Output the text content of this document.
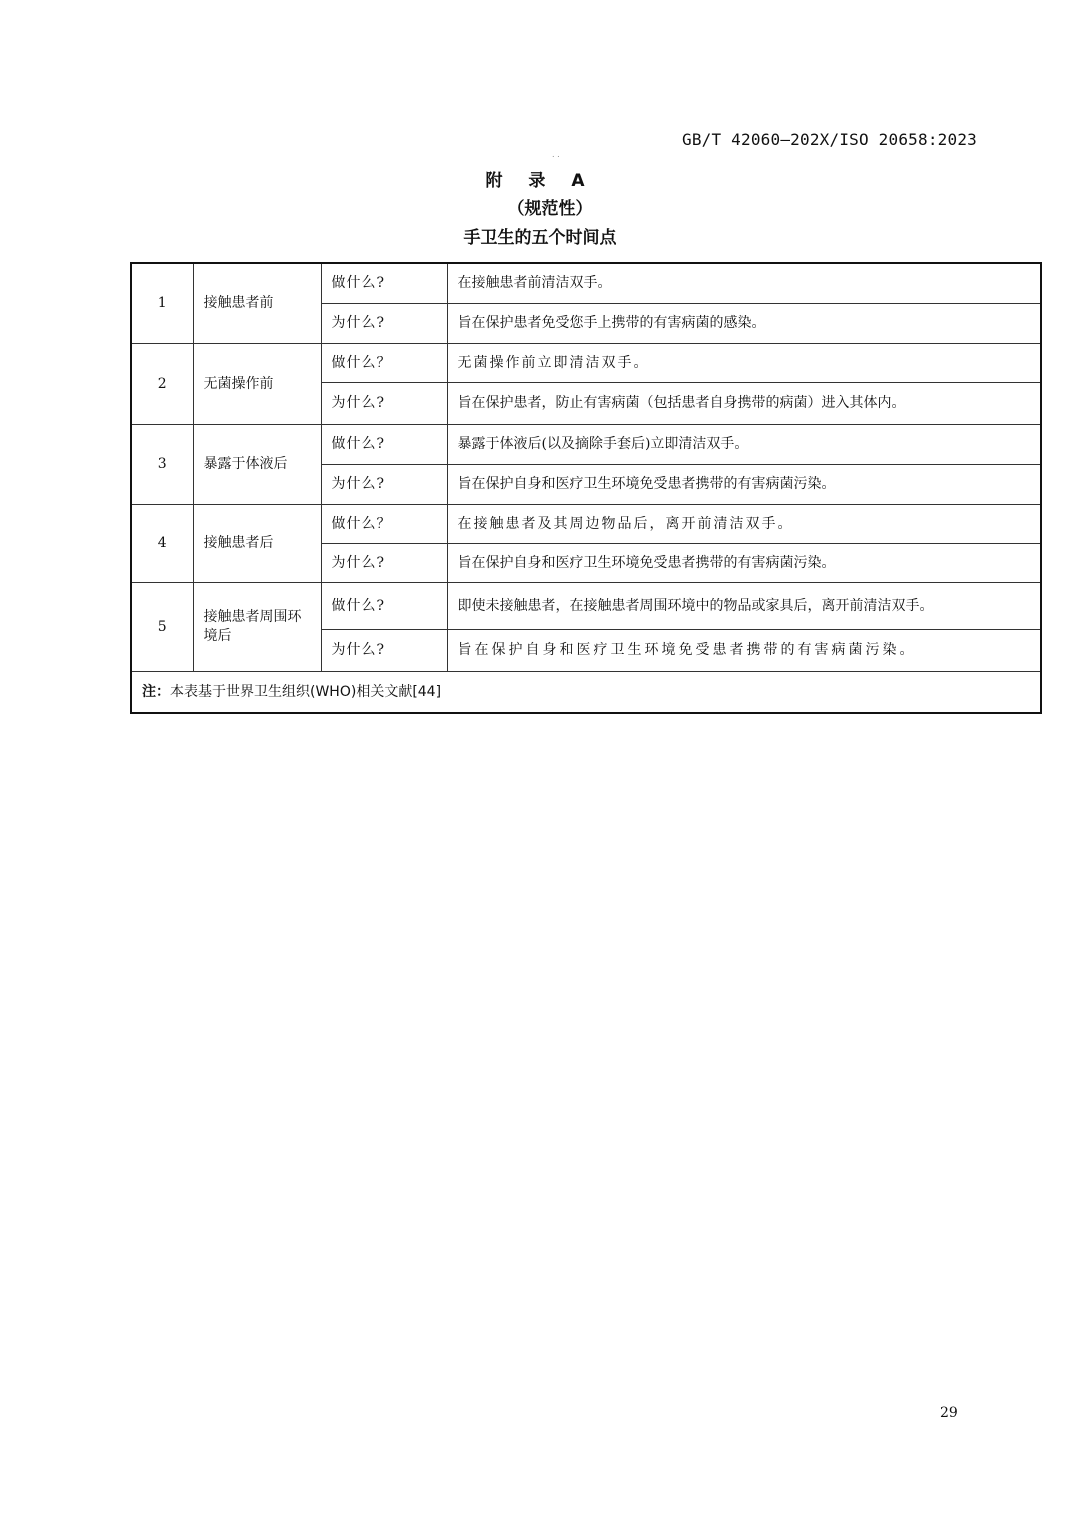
GB/T 42060—202X/ISO 20658:2023
. .
附 录 A
（规范性）
手卫生的五个时间点
1	接触患者前	做什么?	在接触患者前清洁双手。
		为什么?	旨在保护患者免受您手上携带的有害病菌的感染。
2	无菌操作前	做什么？	无菌操作前立即清洁双手。
		为什么?	旨在保护患者，防止有害病菌（包括患者自身携带的病菌）进入其体内。
3	暴露于体液后	做什么?	暴露于体液后(以及摘除手套后)立即清洁双手。
		为什么?	旨在保护自身和医疗卫生环境免受患者携带的有害病菌污染。
4	接触患者后	做什么？	在接触患者及其周边物品后，离开前清洁双手。
		为什么?	旨在保护自身和医疗卫生环境免受患者携带的有害病菌污染。
5	接触患者周围环境后	做什么?	即使未接触患者，在接触患者周围环境中的物品或家具后，离开前清洁双手。
		为什么?	旨在保护自身和医疗卫生环境免受患者携带的有害病菌污染。
注：本表基于世界卫生组织(WHO)相关文献[44]			
29
